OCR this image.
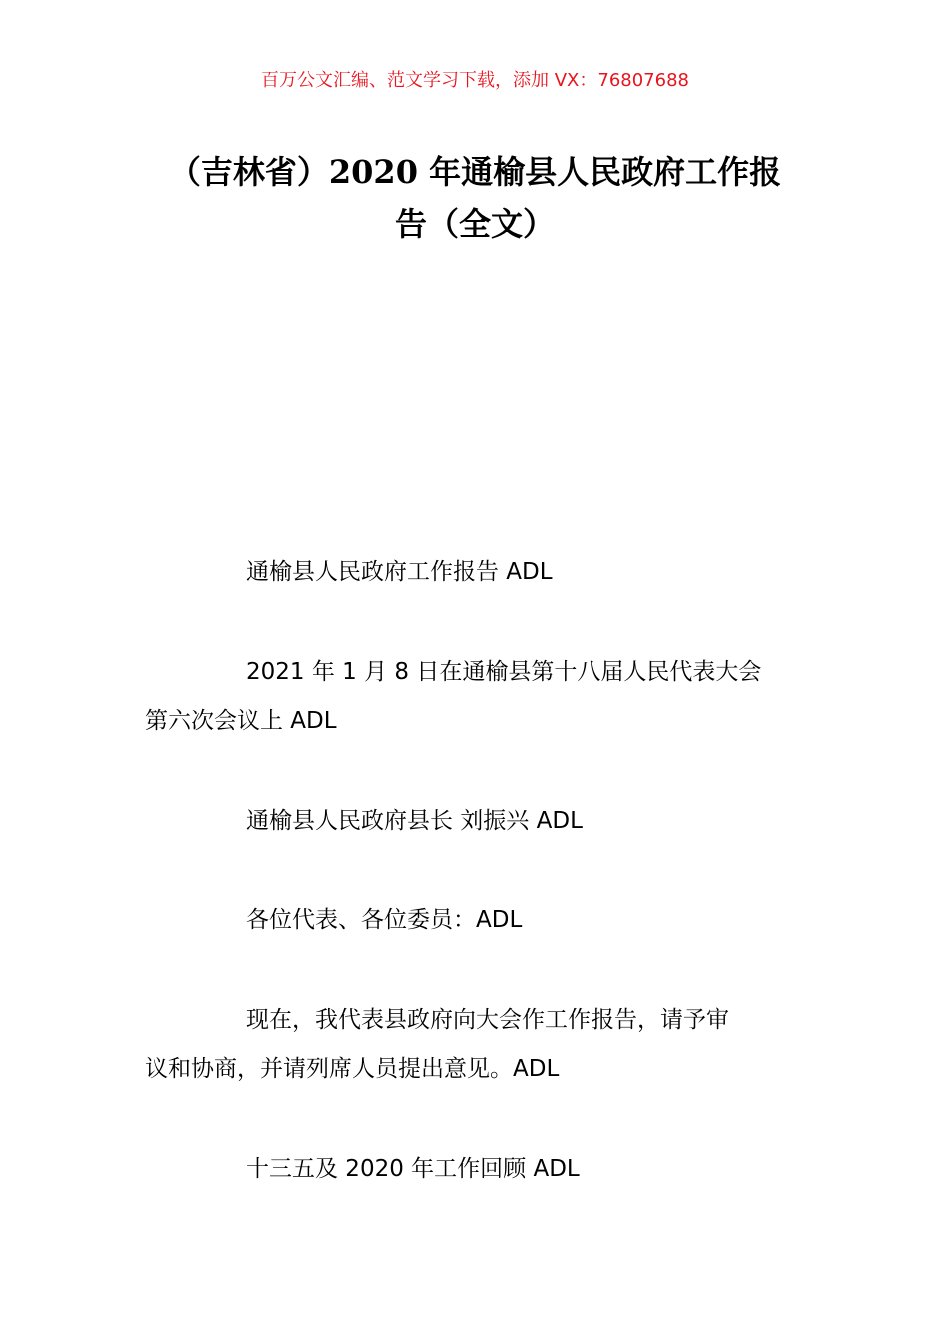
百万公文汇编、范文学习下载，添加 VX：76807688
（吉林省）2020 年通榆县人民政府工作报
告（全文）
通榆县人民政府工作报告 ADL
2021 年 1 月 8 日在通榆县第十八届人民代表大会
第六次会议上 ADL
通榆县人民政府县长 刘振兴 ADL
各位代表、各位委员：ADL
现在，我代表县政府向大会作工作报告，请予审
议和协商，并请列席人员提出意见。ADL
十三五及 2020 年工作回顾 ADL
